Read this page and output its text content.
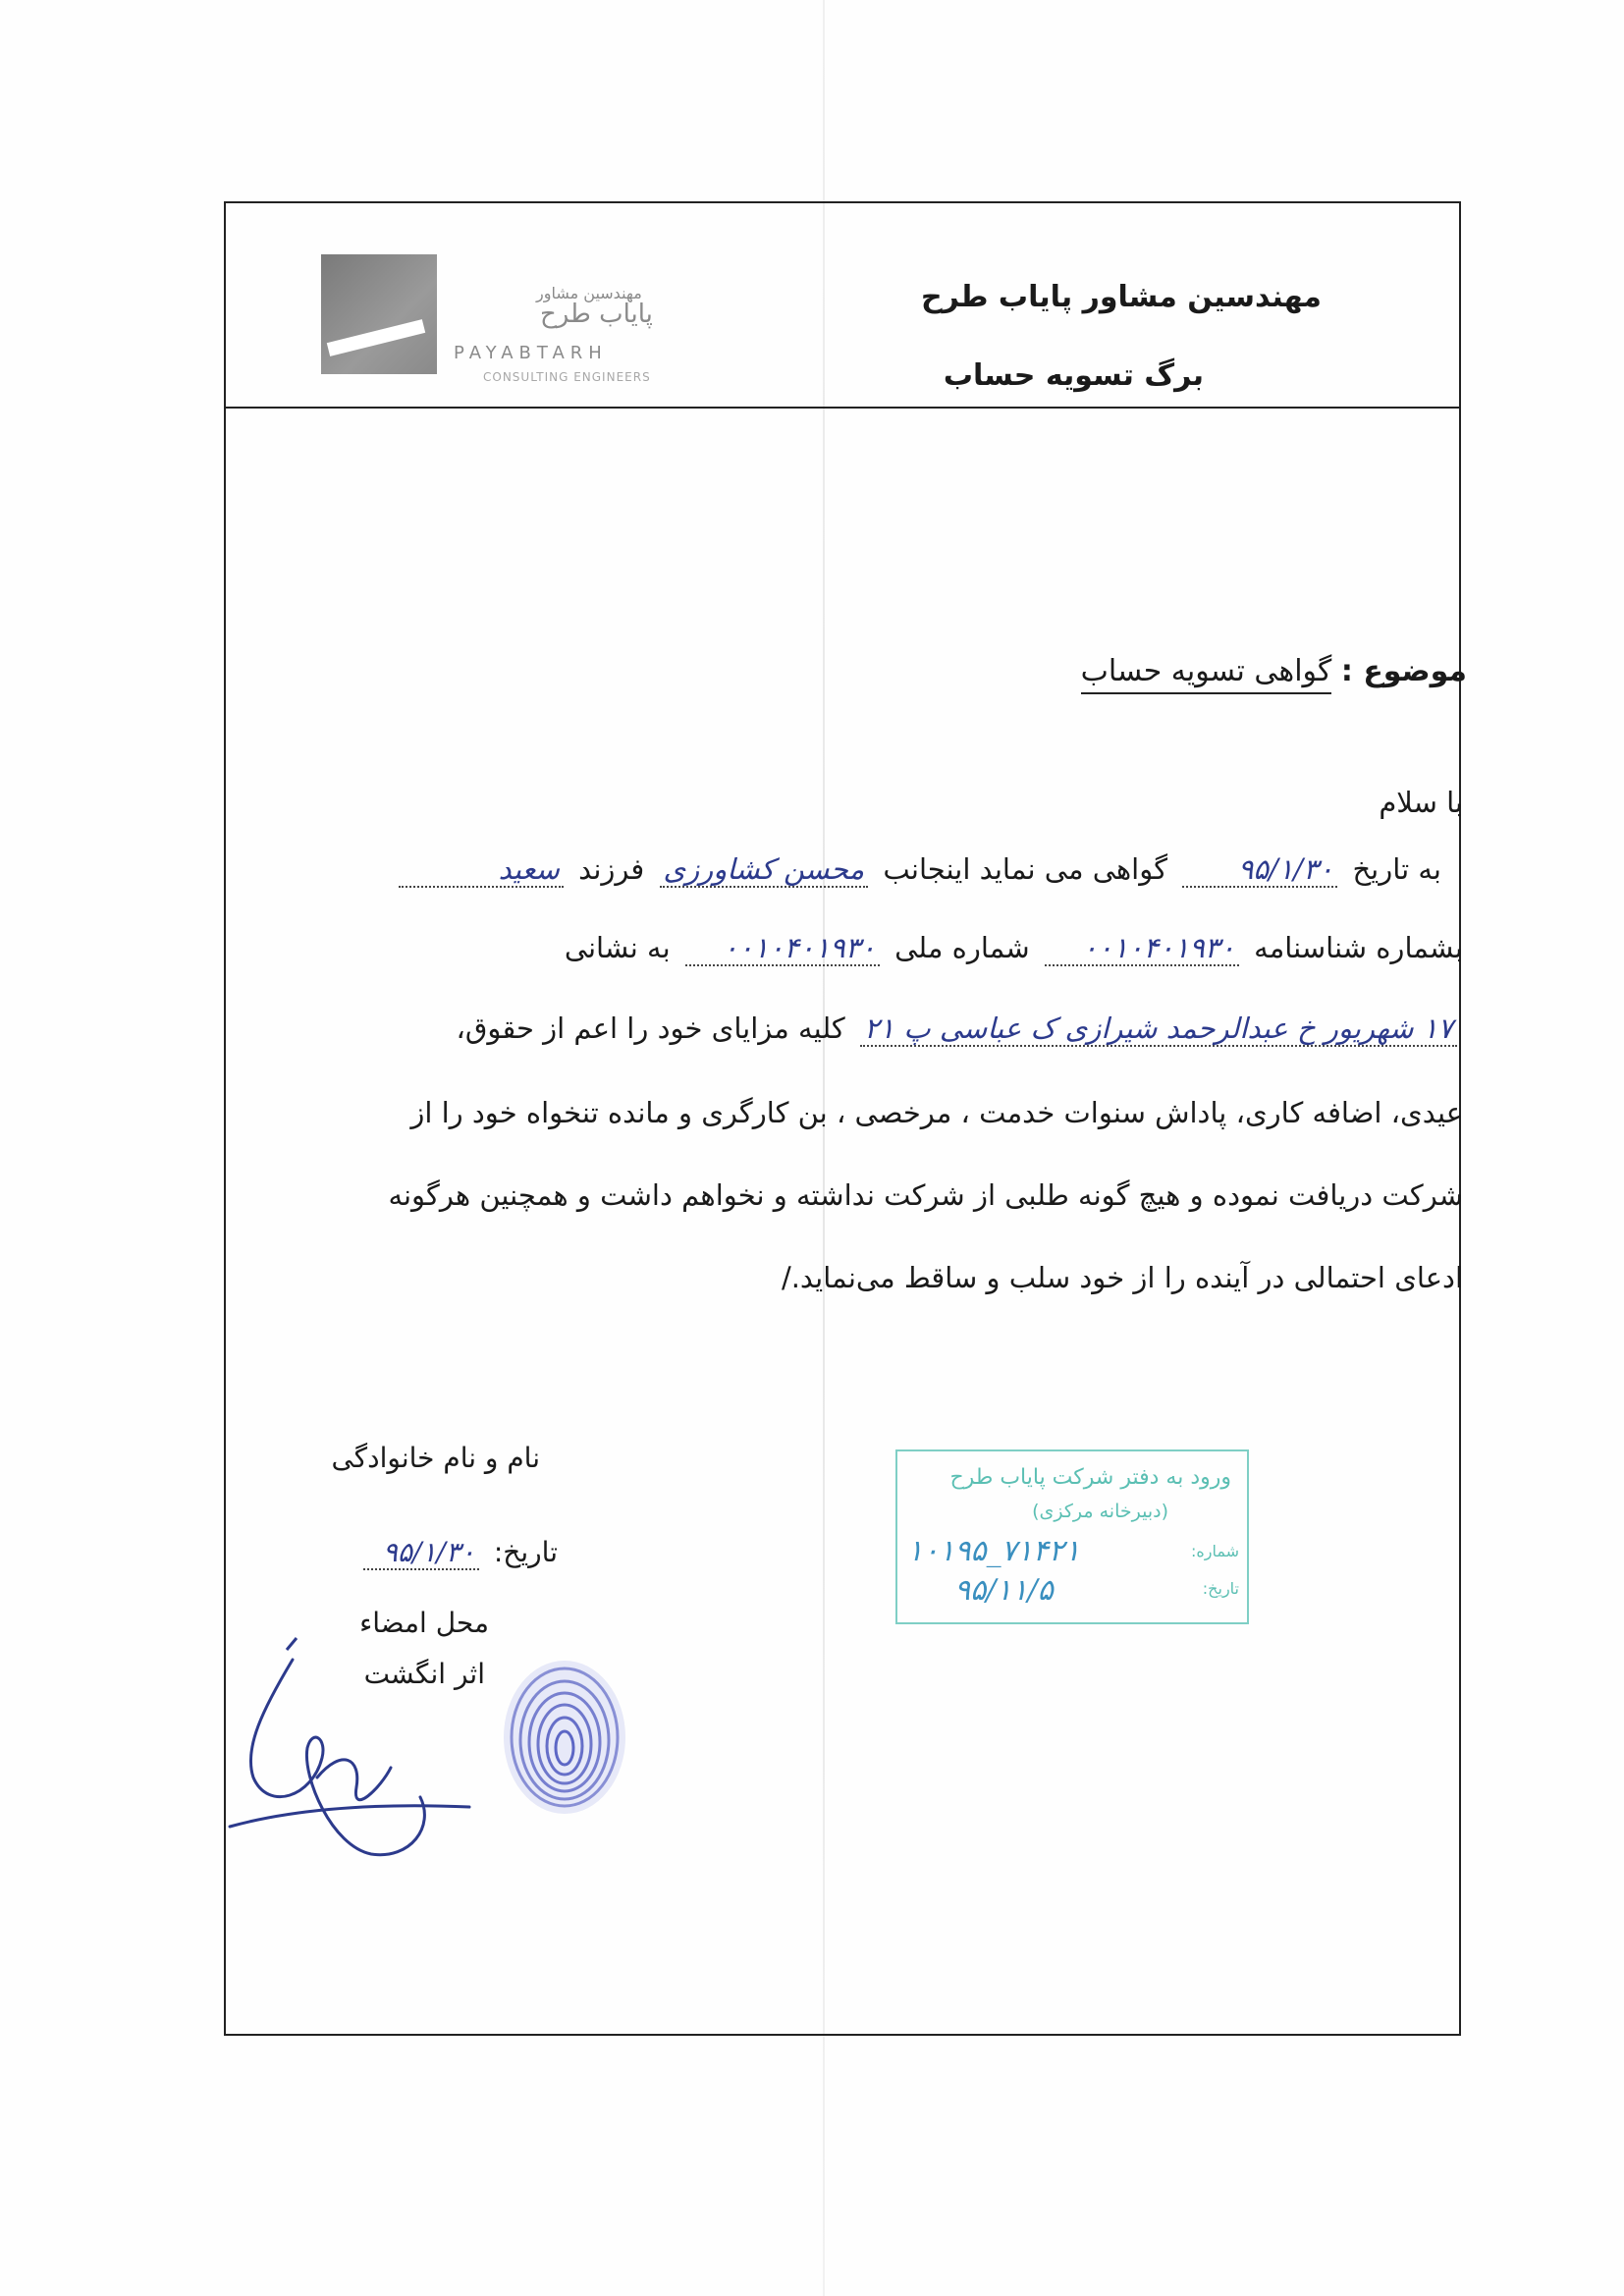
مهندسین مشاور
پایاب طرح
PAYABTARH
CONSULTING ENGINEERS
مهندسین مشاور پایاب طرح
برگ تسویه حساب
موضوع : گواهی تسویه حساب
با سلام
به تاریخ ۹۵/۱/۳۰ گواهی می نماید اینجانب محسن کشاورزی فرزند سعید
بشماره شناسنامه ۰۰۱۰۴۰۱۹۳۰ شماره ملی ۰۰۱۰۴۰۱۹۳۰ به نشانی
۱۷ شهریور خ عبدالرحمد شیرازی ک عباسی پ ۲۱ کلیه مزایای خود را اعم از حقوق،
عیدی، اضافه کاری، پاداش سنوات خدمت ، مرخصی ، بن کارگری و مانده تنخواه خود را از
شرکت دریافت نموده و هیچ گونه طلبی از شرکت نداشته و نخواهم داشت و همچنین هرگونه
ادعای احتمالی در آینده را از خود سلب و ساقط می‌نماید./
نام و نام خانوادگی
تاریخ: ۹۵/۱/۳۰
محل امضاء
اثر انگشت
ورود به دفتر شرکت پایاب طرح
(دبیرخانه مرکزی)
شماره:
تاریخ:
۱۰۱۹۵_۷۱۴۲۱
۹۵/۱۱/۵
